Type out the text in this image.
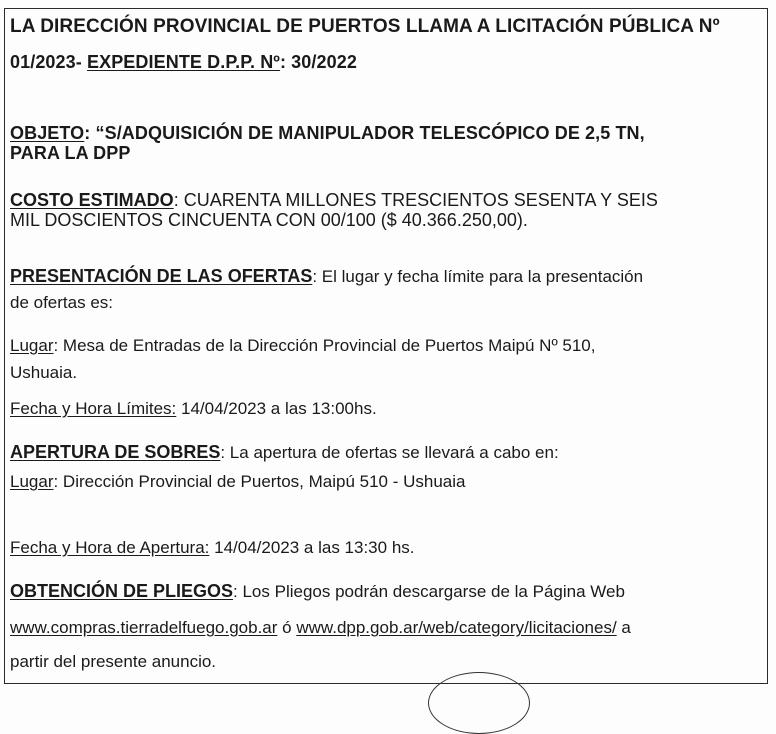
LA DIRECCIÓN PROVINCIAL DE PUERTOS LLAMA A LICITACIÓN PÚBLICA Nº
01/2023- EXPEDIENTE D.P.P. Nº: 30/2022
OBJETO: “S/ADQUISICIÓN DE MANIPULADOR TELESCÓPICO DE 2,5 TN,
PARA LA DPP
COSTO ESTIMADO: CUARENTA MILLONES TRESCIENTOS SESENTA Y SEIS
MIL DOSCIENTOS CINCUENTA CON 00/100 ($ 40.366.250,00).
PRESENTACIÓN DE LAS OFERTAS: El lugar y fecha límite para la presentación
de ofertas es:
Lugar: Mesa de Entradas de la Dirección Provincial de Puertos Maipú Nº 510,
Ushuaia.
Fecha y Hora Límites: 14/04/2023 a las 13:00hs.
APERTURA DE SOBRES: La apertura de ofertas se llevará a cabo en:
Lugar: Dirección Provincial de Puertos, Maipú 510 - Ushuaia
Fecha y Hora de Apertura: 14/04/2023 a las 13:30 hs.
OBTENCIÓN DE PLIEGOS: Los Pliegos podrán descargarse de la Página Web
www.compras.tierradelfuego.gob.ar ó www.dpp.gob.ar/web/category/licitaciones/ a
partir del presente anuncio.
